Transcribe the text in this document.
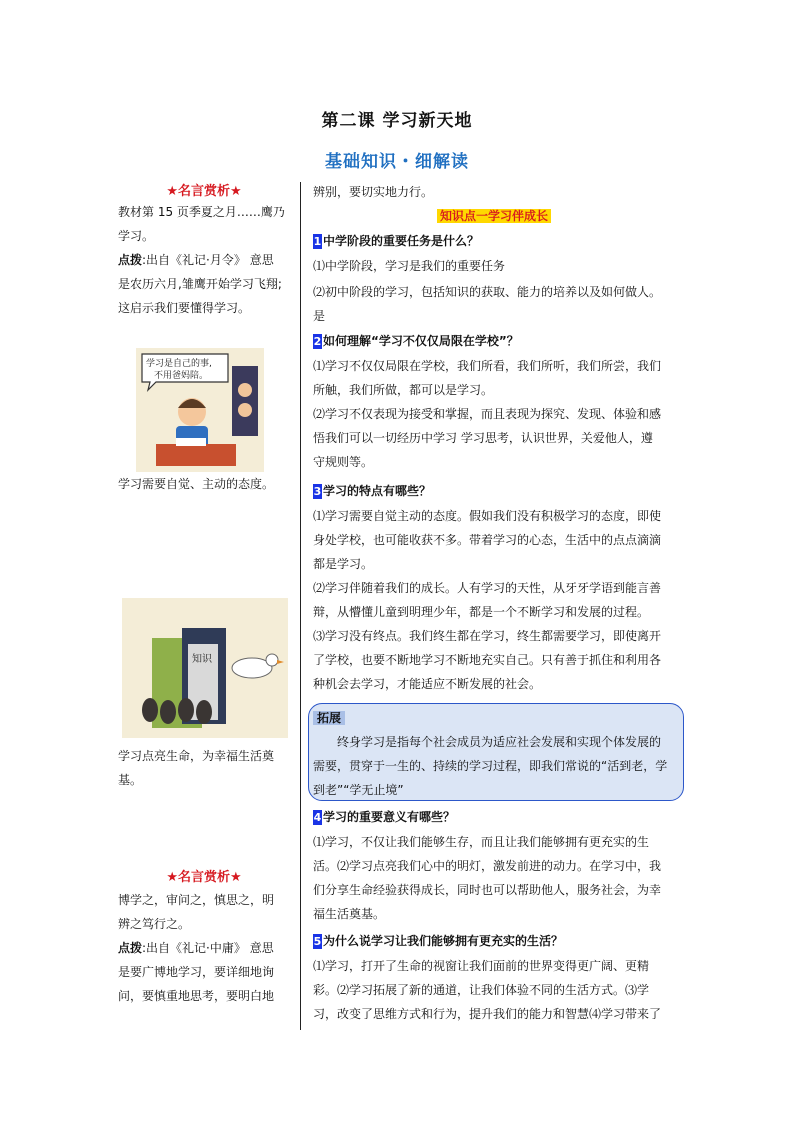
第二课 学习新天地
基础知识・细解读
★名言赏析★
教材第 15 页季夏之月……鹰乃
学习。
点拨:出自《礼记·月令》 意思
是农历六月,雏鹰开始学习飞翔;
这启示我们要懂得学习。
学习是自己的事,
不用爸妈陪。
学习需要自觉、主动的态度。
知识
学习点亮生命，为幸福生活奠
基。
★名言赏析★
博学之，审问之，慎思之，明
辨之笃行之。
点拨:出自《礼记·中庸》 意思
是要广博地学习，要详细地询
问，要慎重地思考，要明白地
辨别，要切实地力行。
知识点一学习伴成长
1 中学阶段的重要任务是什么？
⑴中学阶段，学习是我们的重要任务
⑵初中阶段的学习，包括知识的获取、能力的培养以及如何做人。
是
2 如何理解“学习不仅仅局限在学校”？
⑴学习不仅仅局限在学校，我们所看，我们所听，我们所尝，我们
所触，我们所做，都可以是学习。
⑵学习不仅表现为接受和掌握，而且表现为探究、发现、体验和感
悟我们可以一切经历中学习 学习思考，认识世界，关爱他人，遵
守规则等。
3 学习的特点有哪些？
⑴学习需要自觉主动的态度。假如我们没有积极学习的态度，即使
身处学校，也可能收获不多。带着学习的心态，生活中的点点滴滴
都是学习。
⑵学习伴随着我们的成长。人有学习的天性，从牙牙学语到能言善
辩，从懵懂儿童到明理少年，都是一个不断学习和发展的过程。
⑶学习没有终点。我们终生都在学习，终生都需要学习，即使离开
了学校，也要不断地学习不断地充实自己。只有善于抓住和利用各
种机会去学习，才能适应不断发展的社会。
拓展
终身学习是指每个社会成员为适应社会发展和实现个体发展的
需要，贯穿于一生的、持续的学习过程，即我们常说的“活到老，学
到老”“学无止境”
4 学习的重要意义有哪些？
⑴学习，不仅让我们能够生存，而且让我们能够拥有更充实的生
活。⑵学习点亮我们心中的明灯，激发前进的动力。在学习中，我
们分享生命经验获得成长，同时也可以帮助他人，服务社会，为幸
福生活奠基。
5 为什么说学习让我们能够拥有更充实的生活？
⑴学习，打开了生命的视窗让我们面前的世界变得更广阔、更精
彩。⑵学习拓展了新的通道，让我们体验不同的生活方式。⑶学
习，改变了思维方式和行为，提升我们的能力和智慧⑷学习带来了
